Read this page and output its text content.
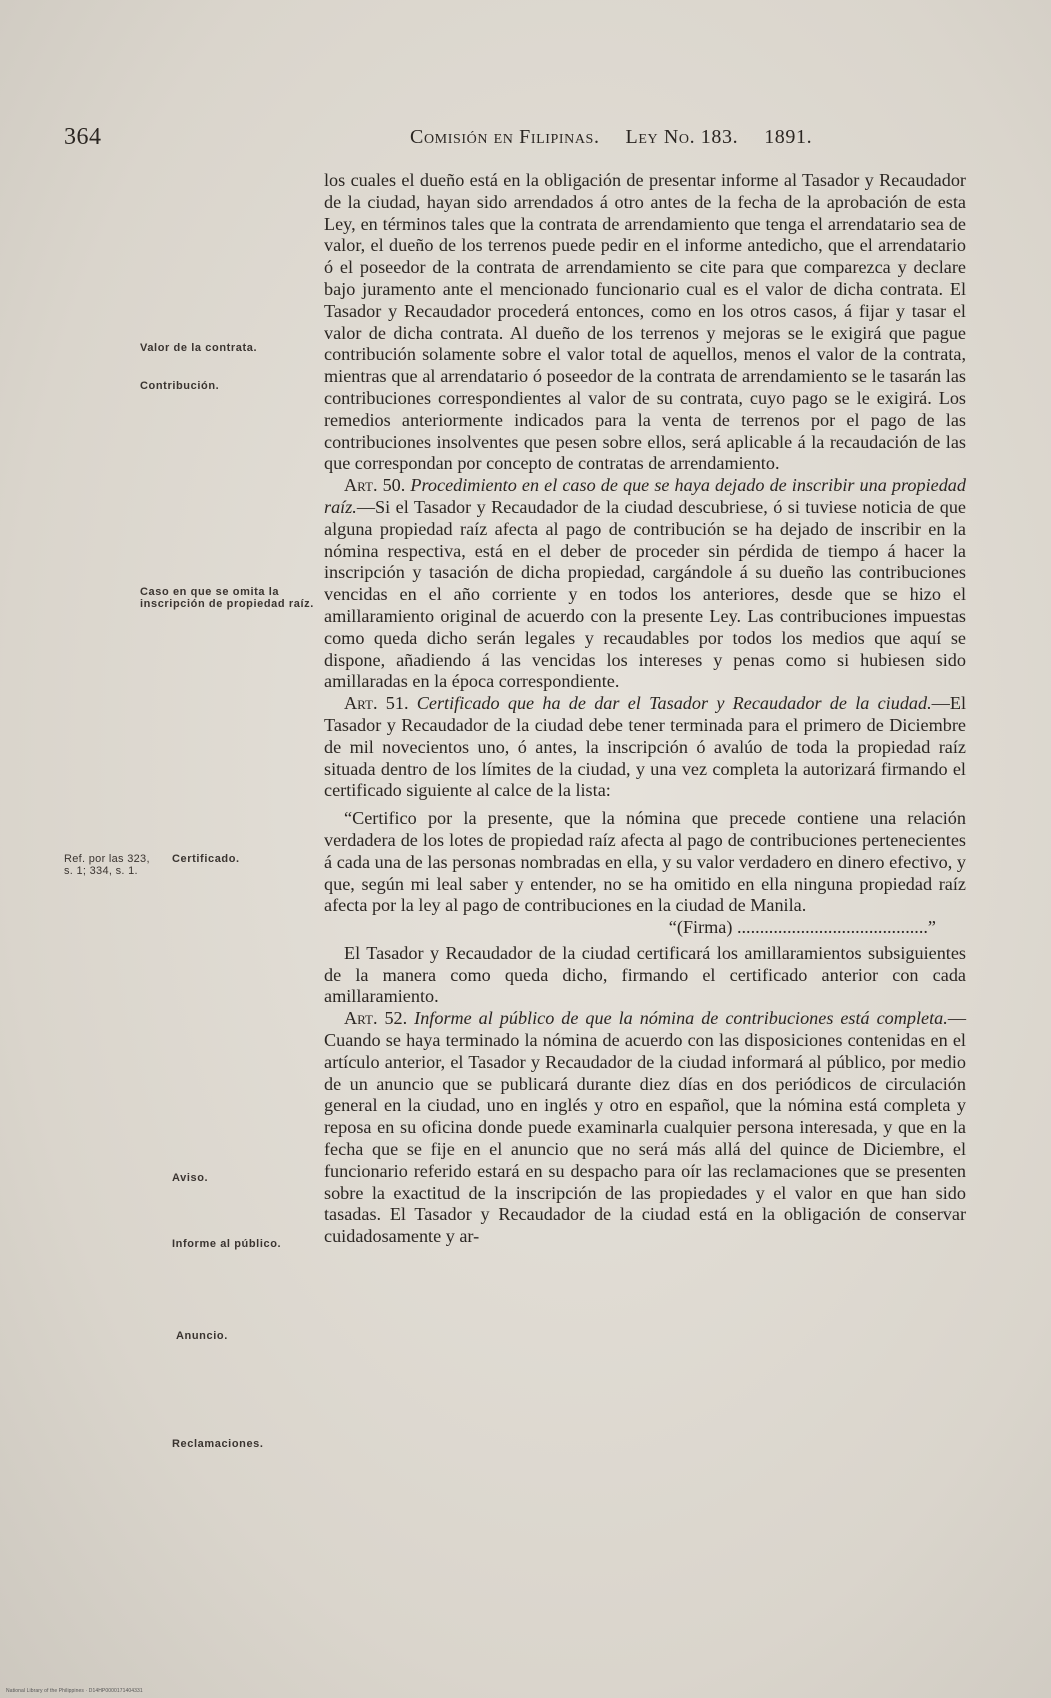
364	Comisión en Filipinas. Ley No. 183. 1891.
Valor de la contrata.
Contribución.
Caso en que se omita la inscripción de propiedad raíz.
Ref. por las 323, s. 1; 334, s. 1.
Certificado.
Aviso.
Informe al público.
Anuncio.
Reclamaciones.

los cuales el dueño está en la obligación de presentar informe al Tasador y Recaudador de la ciudad, hayan sido arrendados á otro antes de la fecha de la aprobación de esta Ley, en términos tales que la contrata de arrendamiento que tenga el arrendatario sea de valor, el dueño de los terrenos puede pedir en el informe antedicho, que el arrendatario ó el poseedor de la contrata de arrendamiento se cite para que comparezca y declare bajo juramento ante el mencionado funcionario cual es el valor de dicha contrata. El Tasador y Recaudador procederá entonces, como en los otros casos, á fijar y tasar el valor de dicha contrata. Al dueño de los terrenos y mejoras se le exigirá que pague contribución solamente sobre el valor total de aquellos, menos el valor de la contrata, mientras que al arrendatario ó poseedor de la contrata de arrendamiento se le tasarán las contribuciones correspondientes al valor de su contrata, cuyo pago se le exigirá. Los remedios anteriormente indicados para la venta de terrenos por el pago de las contribuciones insolventes que pesen sobre ellos, será aplicable á la recaudación de las que correspondan por concepto de contratas de arrendamiento.

Art. 50. Procedimiento en el caso de que se haya dejado de inscribir una propiedad raíz.—Si el Tasador y Recaudador de la ciudad descubriese, ó si tuviese noticia de que alguna propiedad raíz afecta al pago de contribución se ha dejado de inscribir en la nómina respectiva, está en el deber de proceder sin pérdida de tiempo á hacer la inscripción y tasación de dicha propiedad, cargándole á su dueño las contribuciones vencidas en el año corriente y en todos los anteriores, desde que se hizo el amillaramiento original de acuerdo con la presente Ley. Las contribuciones impuestas como queda dicho serán legales y recaudables por todos los medios que aquí se dispone, añadiendo á las vencidas los intereses y penas como si hubiesen sido amillaradas en la época correspondiente.

Art. 51. Certificado que ha de dar el Tasador y Recaudador de la ciudad.—El Tasador y Recaudador de la ciudad debe tener terminada para el primero de Diciembre de mil novecientos uno, ó antes, la inscripción ó avalúo de toda la propiedad raíz situada dentro de los límites de la ciudad, y una vez completa la autorizará firmando el certificado siguiente al calce de la lista:

“Certifico por la presente, que la nómina que precede contiene una relación verdadera de los lotes de propiedad raíz afecta al pago de contribuciones pertenecientes á cada una de las personas nombradas en ella, y su valor verdadero en dinero efectivo, y que, según mi leal saber y entender, no se ha omitido en ella ninguna propiedad raíz afecta por la ley al pago de contribuciones en la ciudad de Manila.

“(Firma) ..........................................”

El Tasador y Recaudador de la ciudad certificará los amillaramientos subsiguientes de la manera como queda dicho, firmando el certificado anterior con cada amillaramiento.

Art. 52. Informe al público de que la nómina de contribuciones está completa.—Cuando se haya terminado la nómina de acuerdo con las disposiciones contenidas en el artículo anterior, el Tasador y Recaudador de la ciudad informará al público, por medio de un anuncio que se publicará durante diez días en dos periódicos de circulación general en la ciudad, uno en inglés y otro en español, que la nómina está completa y reposa en su oficina donde puede examinarla cualquier persona interesada, y que en la fecha que se fije en el anuncio que no será más allá del quince de Diciembre, el funcionario referido estará en su despacho para oír las reclamaciones que se presenten sobre la exactitud de la inscripción de las propiedades y el valor en que han sido tasadas. El Tasador y Recaudador de la ciudad está en la obligación de conservar cuidadosamente y ar-

National Library of the Philippines · D14HP0000171404331
